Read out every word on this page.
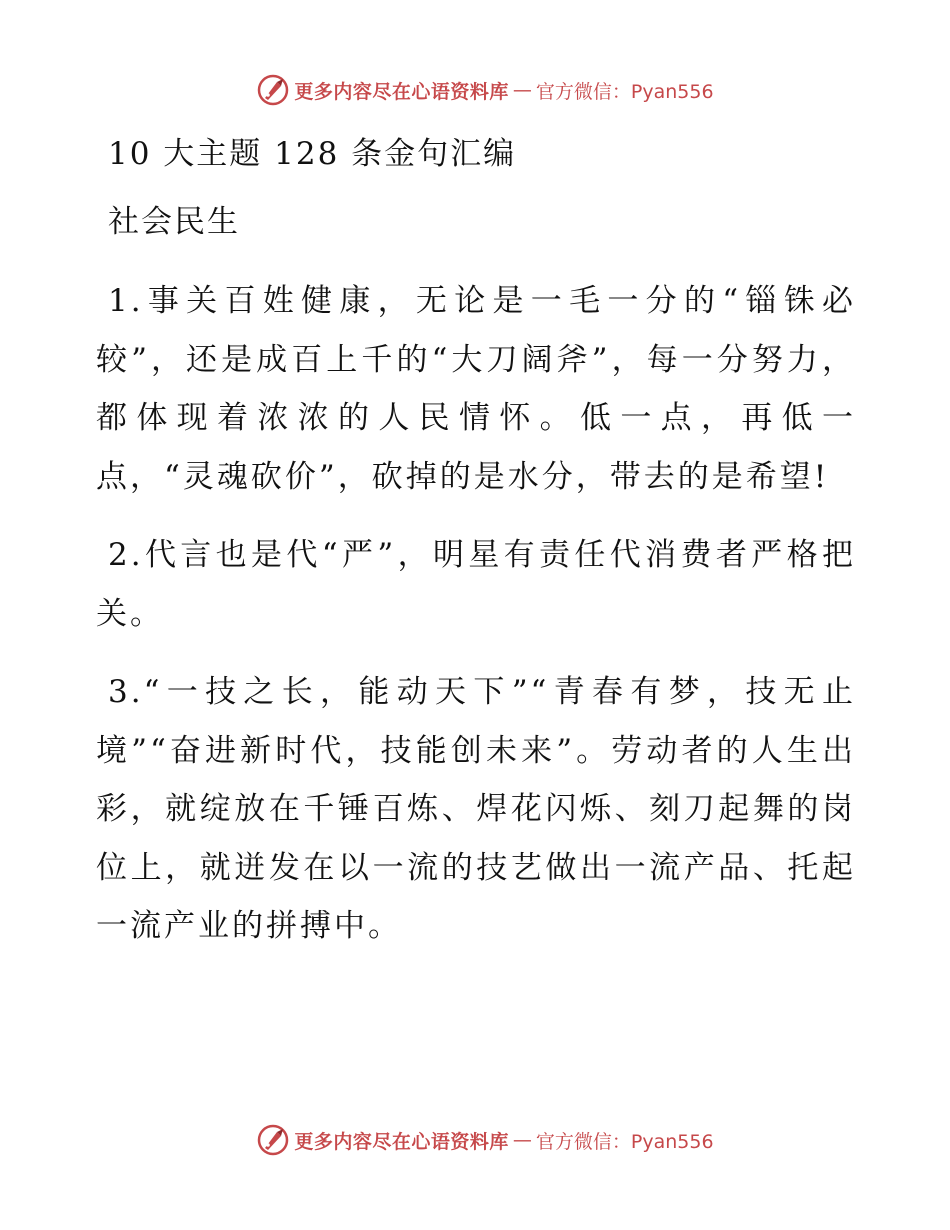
更多内容尽在心语资料库 — 官方微信：Pyan556
10 大主题 128 条金句汇编
社会民生

1.事关百姓健康，无论是一毛一分的“锱铢必较”，还是成百上千的“大刀阔斧”，每一分努力，都体现着浓浓的人民情怀。低一点，再低一点，“灵魂砍价”，砍掉的是水分，带去的是希望!

2.代言也是代“严”，明星有责任代消费者严格把关。

3.“一技之长，能动天下”“青春有梦，技无止境”“奋进新时代，技能创未来”。劳动者的人生出彩，就绽放在千锤百炼、焊花闪烁、刻刀起舞的岗位上，就迸发在以一流的技艺做出一流产品、托起一流产业的拼搏中。

更多内容尽在心语资料库 — 官方微信：Pyan556
